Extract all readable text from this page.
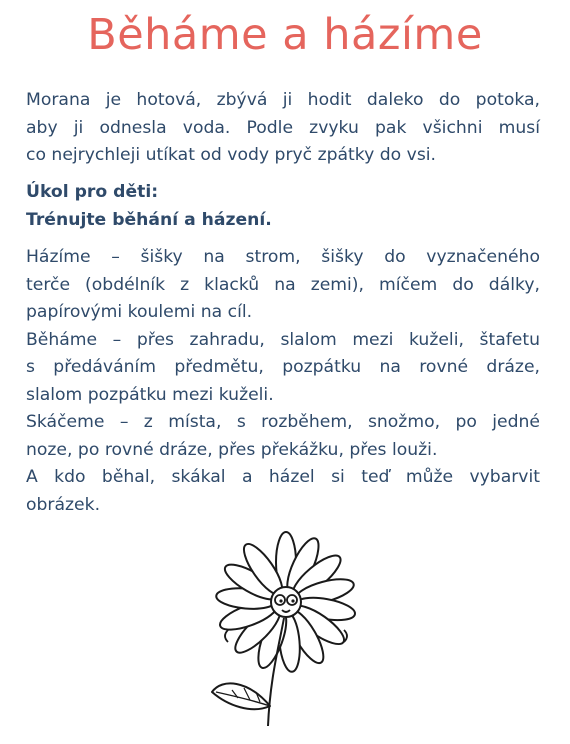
Běháme a házíme

Morana je hotová, zbývá ji hodit daleko do potoka,
aby ji odnesla voda. Podle zvyku pak všichni musí
co nejrychleji utíkat od vody pryč zpátky do vsi.

Úkol pro děti:
Trénujte běhání a házení.

Házíme – šišky na strom, šišky do vyznačeného
terče (obdélník z klacků na zemi), míčem do dálky,
papírovými koulemi na cíl.
Běháme – přes zahradu, slalom mezi kuželi, štafetu
s předáváním předmětu, pozpátku na rovné dráze,
slalom pozpátku mezi kuželi.
Skáčeme – z místa, s rozběhem, snožmo, po jedné
noze, po rovné dráze, přes překážku, přes louži.
A kdo běhal, skákal a házel si teď může vybarvit
obrázek.
